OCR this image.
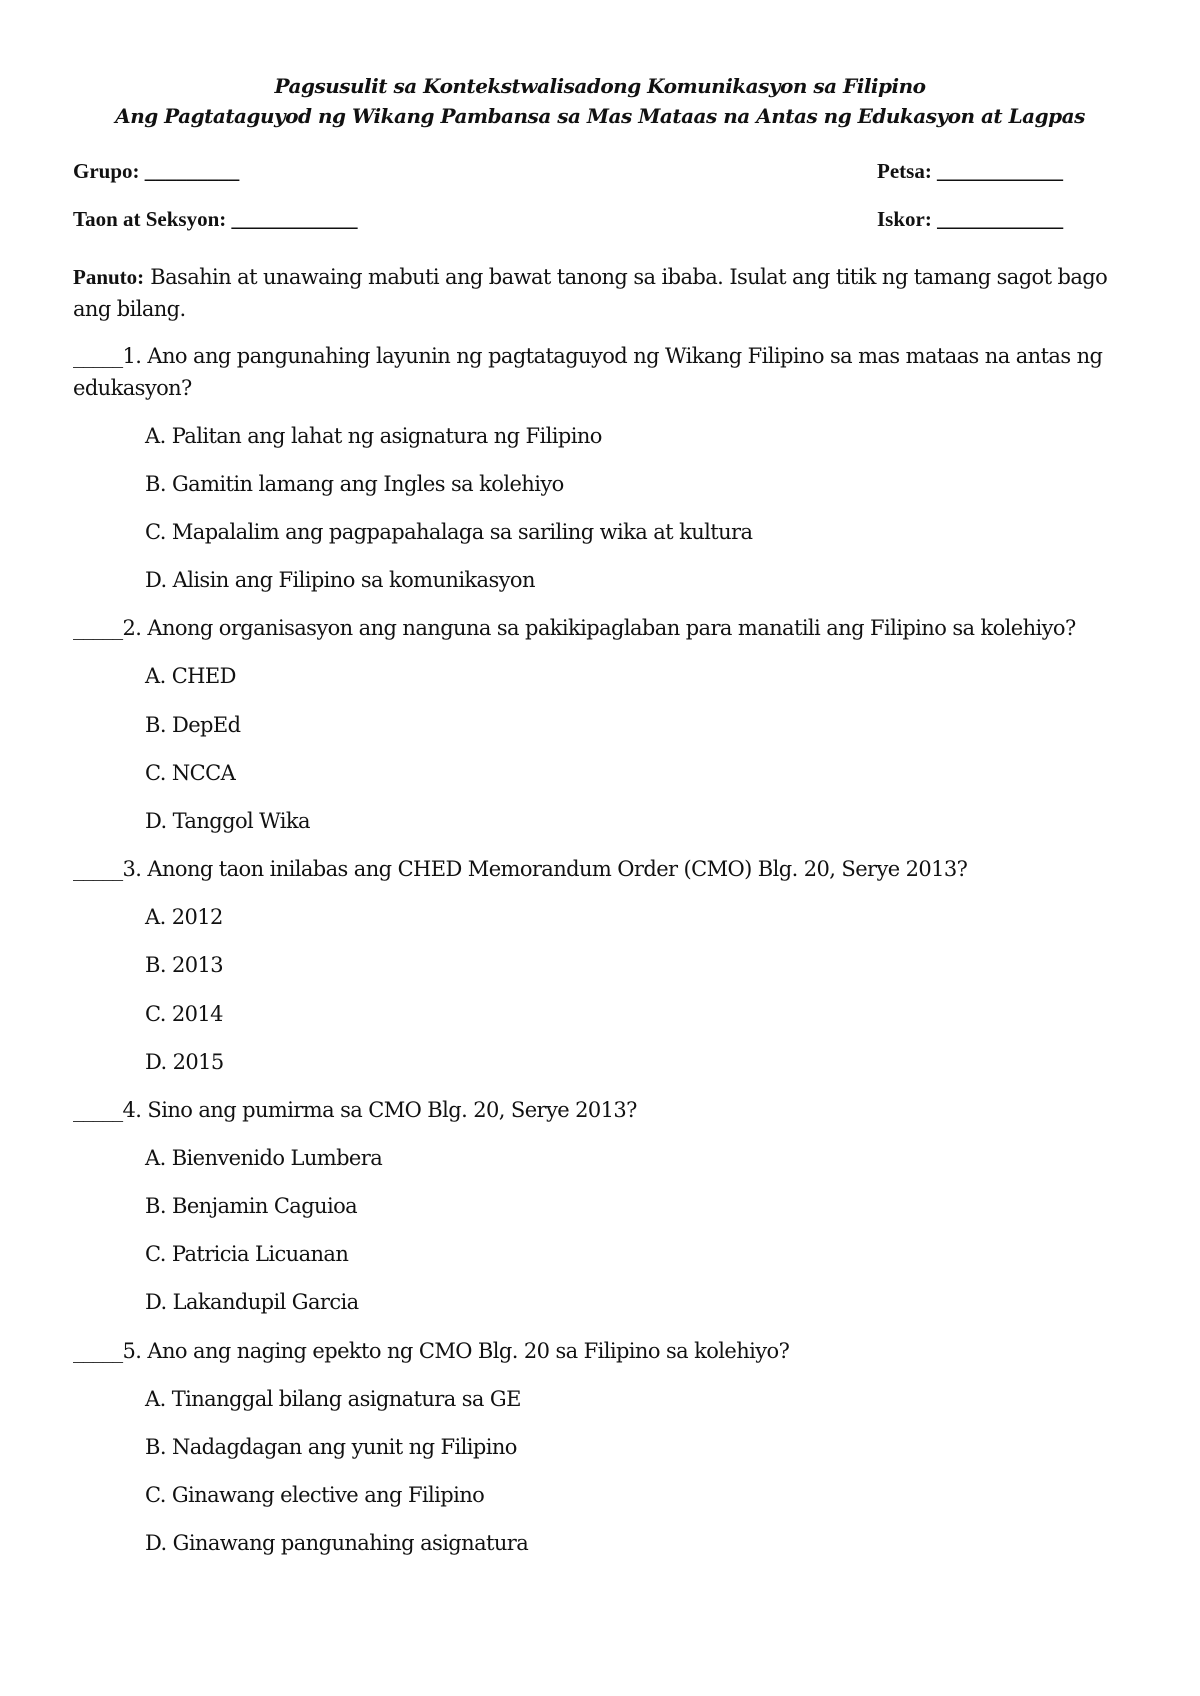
Pagsusulit sa Kontekstwalisadong Komunikasyon sa Filipino
Ang Pagtataguyod ng Wikang Pambansa sa Mas Mataas na Antas ng Edukasyon at Lagpas
Grupo: _________	Petsa: ____________
Taon at Seksyon: ____________	Iskor: ____________
Panuto: Basahin at unawaing mabuti ang bawat tanong sa ibaba. Isulat ang titik ng tamang sagot bago ang bilang.
_____1. Ano ang pangunahing layunin ng pagtataguyod ng Wikang Filipino sa mas mataas na antas ng edukasyon?
A. Palitan ang lahat ng asignatura ng Filipino
B. Gamitin lamang ang Ingles sa kolehiyo
C. Mapalalim ang pagpapahalaga sa sariling wika at kultura
D. Alisin ang Filipino sa komunikasyon
_____2. Anong organisasyon ang nanguna sa pakikipaglaban para manatili ang Filipino sa kolehiyo?
A. CHED
B. DepEd
C. NCCA
D. Tanggol Wika
_____3. Anong taon inilabas ang CHED Memorandum Order (CMO) Blg. 20, Serye 2013?
A. 2012
B. 2013
C. 2014
D. 2015
_____4. Sino ang pumirma sa CMO Blg. 20, Serye 2013?
A. Bienvenido Lumbera
B. Benjamin Caguioa
C. Patricia Licuanan
D. Lakandupil Garcia
_____5. Ano ang naging epekto ng CMO Blg. 20 sa Filipino sa kolehiyo?
A. Tinanggal bilang asignatura sa GE
B. Nadagdagan ang yunit ng Filipino
C. Ginawang elective ang Filipino
D. Ginawang pangunahing asignatura
